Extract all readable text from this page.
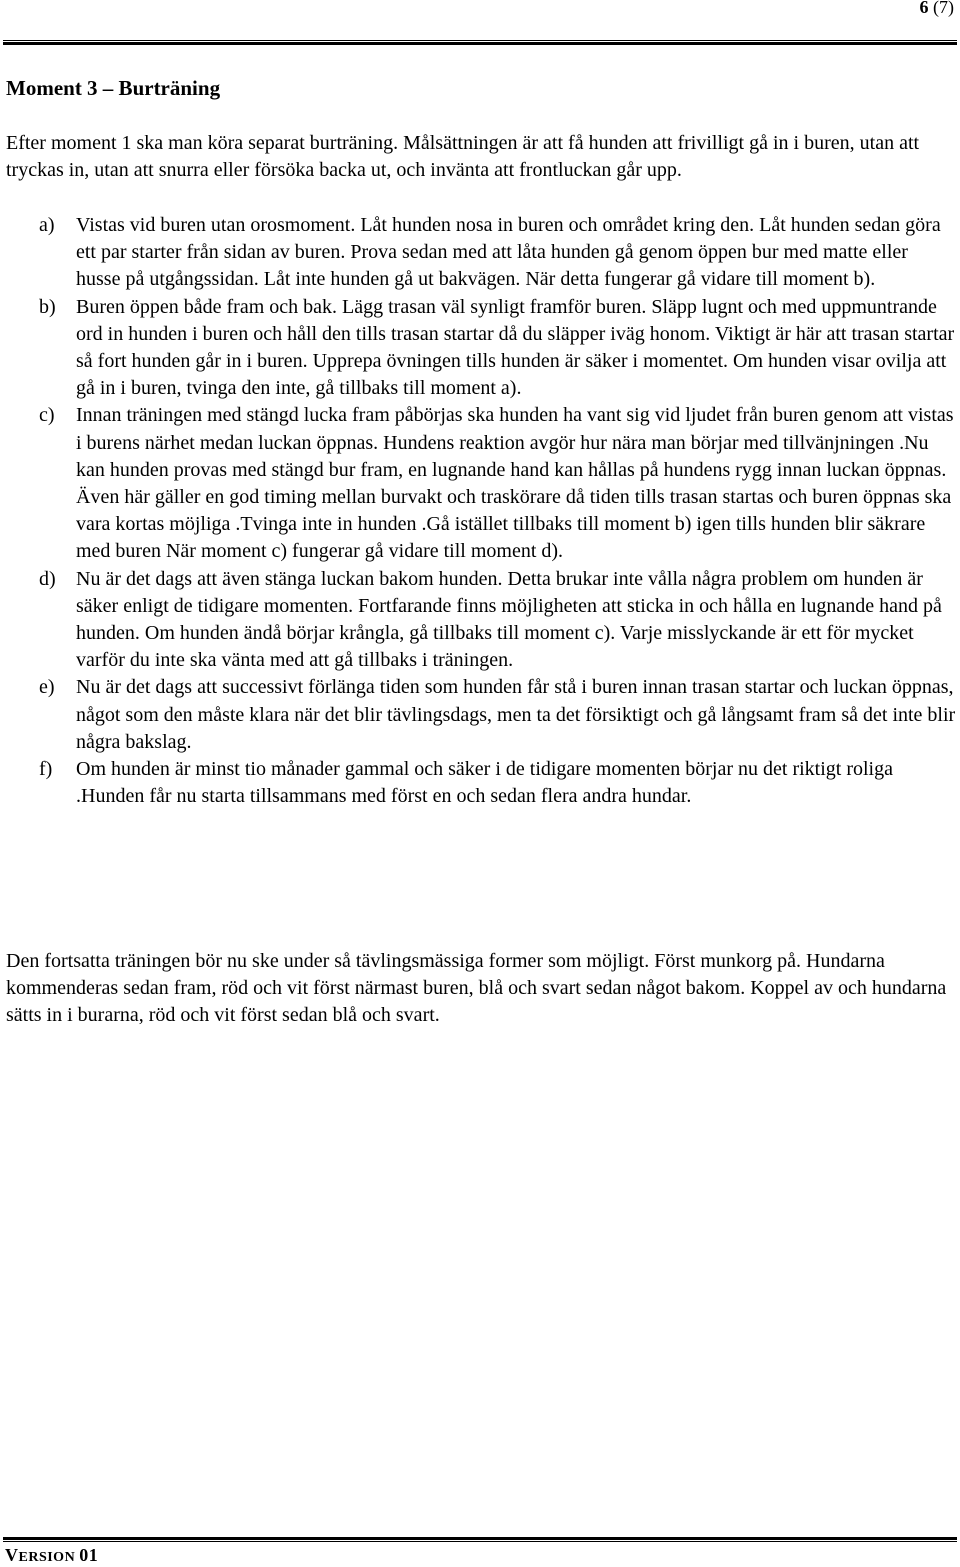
6 (7)
Moment 3 – Burträning

Efter moment 1 ska man köra separat burträning. Målsättningen är att få hunden att frivilligt gå in i buren, utan att tryckas in, utan att snurra eller försöka backa ut, och invänta att frontluckan går upp.

a) Vistas vid buren utan orosmoment. Låt hunden nosa in buren och området kring den. Låt hunden sedan göra ett par starter från sidan av buren. Prova sedan med att låta hunden gå genom öppen bur med matte eller husse på utgångssidan. Låt inte hunden gå ut bakvägen. När detta fungerar gå vidare till moment b).
b) Buren öppen både fram och bak. Lägg trasan väl synligt framför buren. Släpp lugnt och med uppmuntrande ord in hunden i buren och håll den tills trasan startar då du släpper iväg honom. Viktigt är här att trasan startar så fort hunden går in i buren. Upprepa övningen tills hunden är säker i momentet. Om hunden visar ovilja att gå in i buren, tvinga den inte, gå tillbaks till moment a).
c) Innan träningen med stängd lucka fram påbörjas ska hunden ha vant sig vid ljudet från buren genom att vistas i burens närhet medan luckan öppnas. Hundens reaktion avgör hur nära man börjar med tillvänjningen .Nu kan hunden provas med stängd bur fram, en lugnande hand kan hållas på hundens rygg innan luckan öppnas. Även här gäller en god timing mellan burvakt och traskörare då tiden tills trasan startas och buren öppnas ska vara kortas möjliga .Tvinga inte in hunden .Gå istället tillbaks till moment b) igen tills hunden blir säkrare med buren När moment c) fungerar gå vidare till moment d).
d) Nu är det dags att även stänga luckan bakom hunden. Detta brukar inte vålla några problem om hunden är säker enligt de tidigare momenten. Fortfarande finns möjligheten att sticka in och hålla en lugnande hand på hunden. Om hunden ändå börjar krångla, gå tillbaks till moment c). Varje misslyckande är ett för mycket varför du inte ska vänta med att gå tillbaks i träningen.
e) Nu är det dags att successivt förlänga tiden som hunden får stå i buren innan trasan startar och luckan öppnas, något som den måste klara när det blir tävlingsdags, men ta det försiktigt och gå långsamt fram så det inte blir några bakslag.
f) Om hunden är minst tio månader gammal och säker i de tidigare momenten börjar nu det riktigt roliga .Hunden får nu starta tillsammans med först en och sedan flera andra hundar.

Den fortsatta träningen bör nu ske under så tävlingsmässiga former som möjligt. Först munkorg på. Hundarna kommenderas sedan fram, röd och vit först närmast buren, blå och svart sedan något bakom. Koppel av och hundarna sätts in i burarna, röd och vit först sedan blå och svart.

VERSION 01
